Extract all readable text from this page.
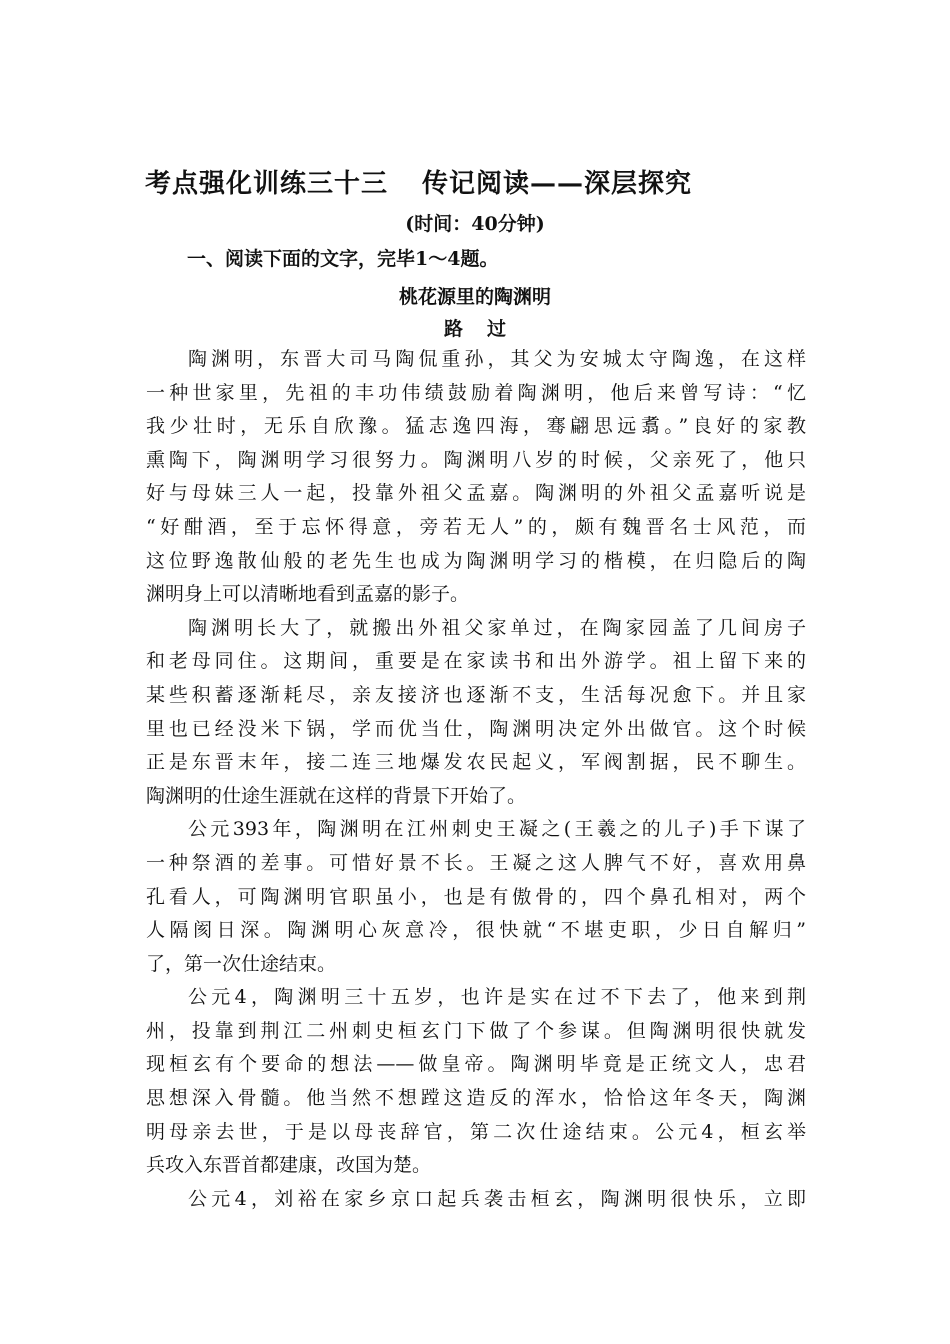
考点强化训练三十三 传记阅读——深层探究
(时间：40分钟)
一、阅读下面的文字，完毕1～4题。
桃花源里的陶渊明
路过
陶渊明，东晋大司马陶侃重孙，其父为安城太守陶逸，在这样
一种世家里，先祖的丰功伟绩鼓励着陶渊明，他后来曾写诗：“忆
我少壮时，无乐自欣豫。猛志逸四海，骞翩思远翥。”良好的家教
熏陶下，陶渊明学习很努力。陶渊明八岁的时候，父亲死了，他只
好与母妹三人一起，投靠外祖父孟嘉。陶渊明的外祖父孟嘉听说是
“好酣酒，至于忘怀得意，旁若无人”的，颇有魏晋名士风范，而
这位野逸散仙般的老先生也成为陶渊明学习的楷模，在归隐后的陶
渊明身上可以清晰地看到孟嘉的影子。
陶渊明长大了，就搬出外祖父家单过，在陶家园盖了几间房子
和老母同住。这期间，重要是在家读书和出外游学。祖上留下来的
某些积蓄逐渐耗尽，亲友接济也逐渐不支，生活每况愈下。并且家
里也已经没米下锅，学而优当仕，陶渊明决定外出做官。这个时候
正是东晋末年，接二连三地爆发农民起义，军阀割据，民不聊生。
陶渊明的仕途生涯就在这样的背景下开始了。
公元393年，陶渊明在江州刺史王凝之(王羲之的儿子)手下谋了
一种祭酒的差事。可惜好景不长。王凝之这人脾气不好，喜欢用鼻
孔看人，可陶渊明官职虽小，也是有傲骨的，四个鼻孔相对，两个
人隔阂日深。陶渊明心灰意冷，很快就“不堪吏职，少日自解归”
了，第一次仕途结束。
公元4，陶渊明三十五岁，也许是实在过不下去了，他来到荆
州，投靠到荆江二州刺史桓玄门下做了个参谋。但陶渊明很快就发
现桓玄有个要命的想法——做皇帝。陶渊明毕竟是正统文人，忠君
思想深入骨髓。他当然不想蹚这造反的浑水，恰恰这年冬天，陶渊
明母亲去世，于是以母丧辞官，第二次仕途结束。公元4，桓玄举
兵攻入东晋首都建康，改国为楚。
公元4，刘裕在家乡京口起兵袭击桓玄，陶渊明很快乐，立即
